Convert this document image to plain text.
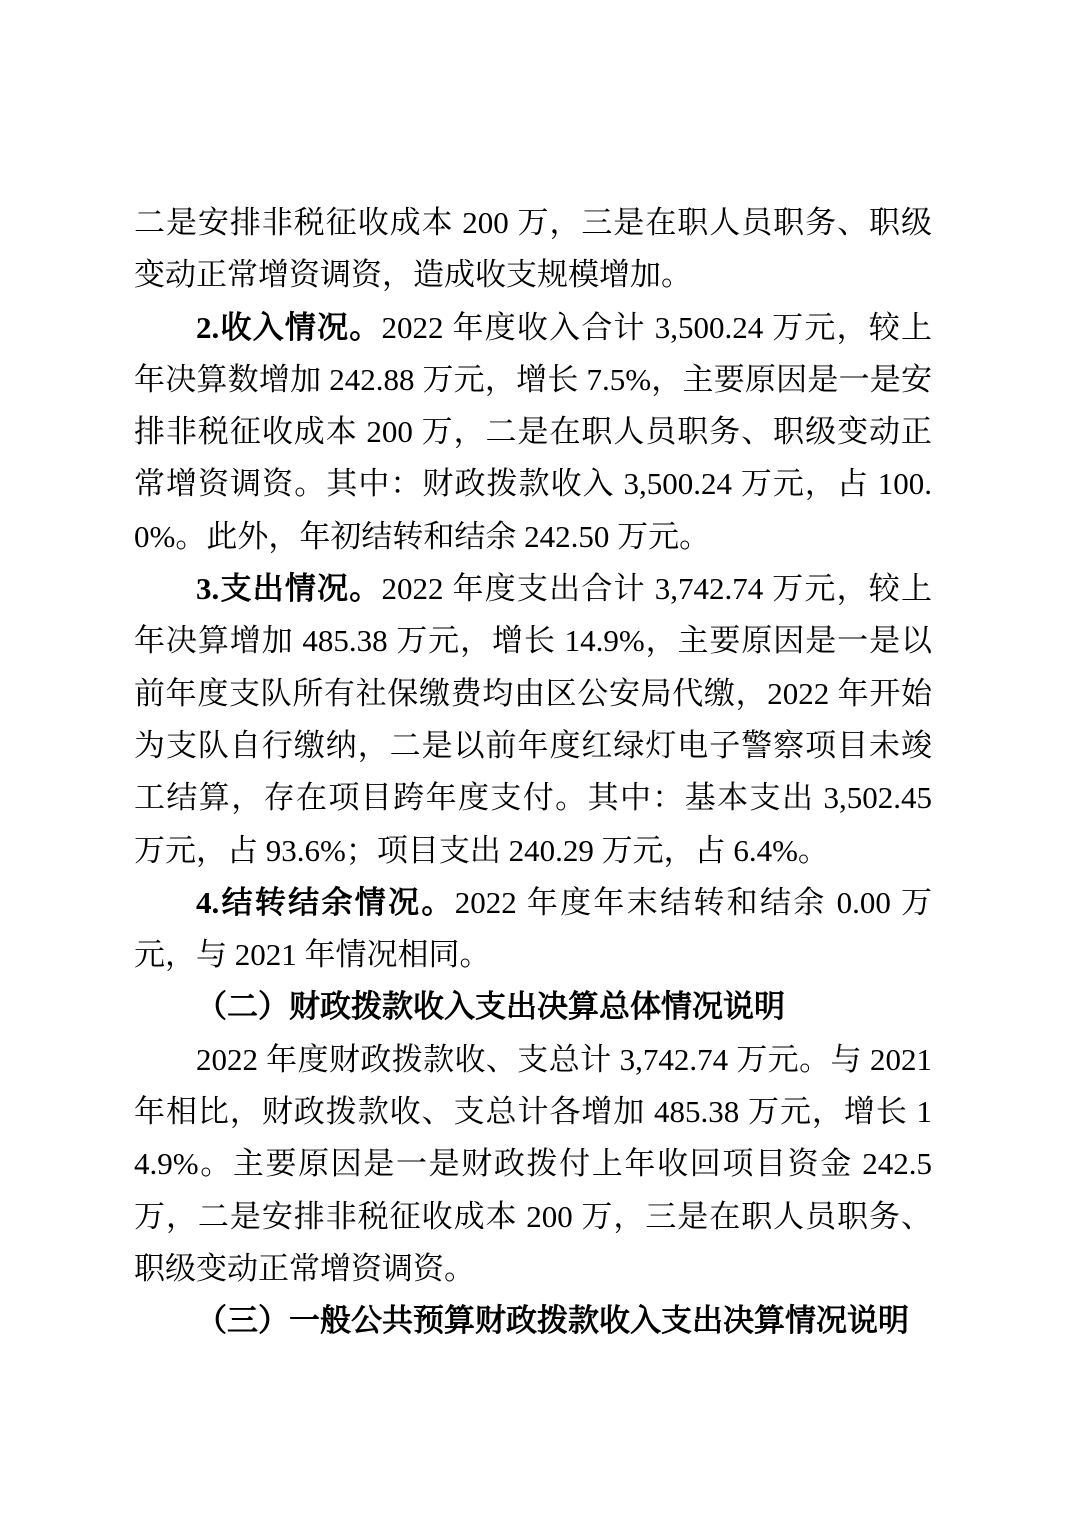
二是安排非税征收成本 200 万，三是在职人员职务、职级变动正常增资调资，造成收支规模增加。

2.收入情况。2022 年度收入合计 3,500.24 万元，较上年决算数增加 242.88 万元，增长 7.5%，主要原因是一是安排非税征收成本 200 万，二是在职人员职务、职级变动正常增资调资。其中：财政拨款收入 3,500.24 万元，占 100.0%。此外，年初结转和结余 242.50 万元。

3.支出情况。2022 年度支出合计 3,742.74 万元，较上年决算增加 485.38 万元，增长 14.9%，主要原因是一是以前年度支队所有社保缴费均由区公安局代缴，2022 年开始为支队自行缴纳，二是以前年度红绿灯电子警察项目未竣工结算，存在项目跨年度支付。其中：基本支出 3,502.45 万元，占 93.6%；项目支出 240.29 万元，占 6.4%。

4.结转结余情况。2022 年度年末结转和结余 0.00 万元，与 2021 年情况相同。

（二）财政拨款收入支出决算总体情况说明

2022 年度财政拨款收、支总计 3,742.74 万元。与 2021 年相比，财政拨款收、支总计各增加 485.38 万元，增长 14.9%。主要原因是一是财政拨付上年收回项目资金 242.5 万，二是安排非税征收成本 200 万，三是在职人员职务、职级变动正常增资调资。

（三）一般公共预算财政拨款收入支出决算情况说明
